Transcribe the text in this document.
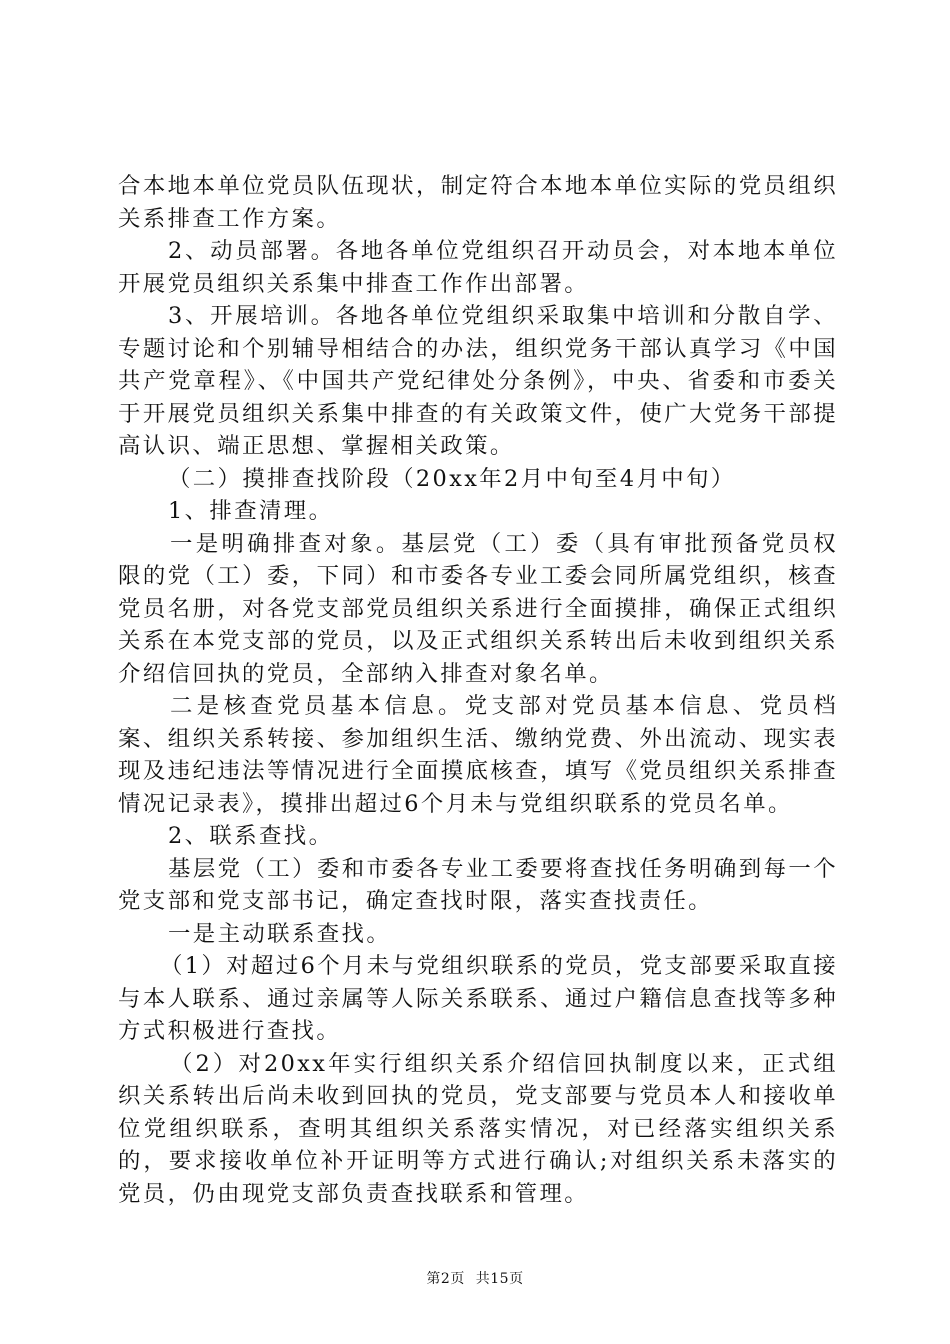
合本地本单位党员队伍现状，制定符合本地本单位实际的党员组织关系排查工作方案。

2、动员部署。各地各单位党组织召开动员会，对本地本单位开展党员组织关系集中排查工作作出部署。

3、开展培训。各地各单位党组织采取集中培训和分散自学、专题讨论和个别辅导相结合的办法，组织党务干部认真学习《中国共产党章程》、《中国共产党纪律处分条例》，中央、省委和市委关于开展党员组织关系集中排查的有关政策文件，使广大党务干部提高认识、端正思想、掌握相关政策。

（二）摸排查找阶段（20xx年2月中旬至4月中旬）

1、排查清理。

一是明确排查对象。基层党（工）委（具有审批预备党员权限的党（工）委，下同）和市委各专业工委会同所属党组织，核查党员名册，对各党支部党员组织关系进行全面摸排，确保正式组织关系在本党支部的党员，以及正式组织关系转出后未收到组织关系介绍信回执的党员，全部纳入排查对象名单。

二是核查党员基本信息。党支部对党员基本信息、党员档案、组织关系转接、参加组织生活、缴纳党费、外出流动、现实表现及违纪违法等情况进行全面摸底核查，填写《党员组织关系排查情况记录表》，摸排出超过6个月未与党组织联系的党员名单。

2、联系查找。

基层党（工）委和市委各专业工委要将查找任务明确到每一个党支部和党支部书记，确定查找时限，落实查找责任。

一是主动联系查找。

（1）对超过6个月未与党组织联系的党员，党支部要采取直接与本人联系、通过亲属等人际关系联系、通过户籍信息查找等多种方式积极进行查找。

（2）对20xx年实行组织关系介绍信回执制度以来，正式组织关系转出后尚未收到回执的党员，党支部要与党员本人和接收单位党组织联系，查明其组织关系落实情况，对已经落实组织关系的，要求接收单位补开证明等方式进行确认;对组织关系未落实的党员，仍由现党支部负责查找联系和管理。

第2页 共15页
